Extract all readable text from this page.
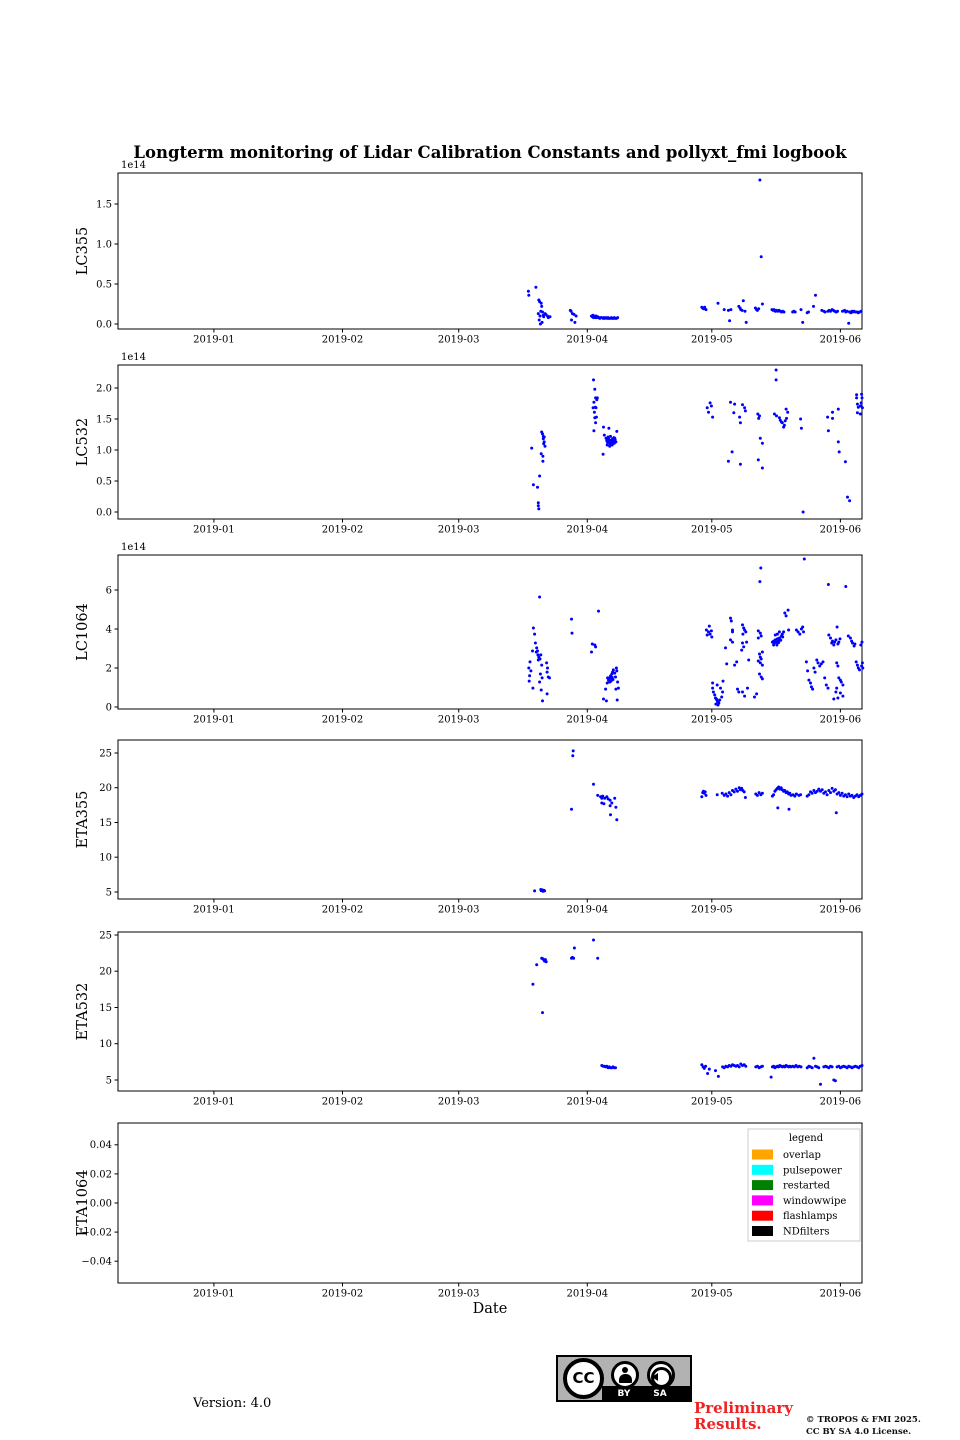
Longterm monitoring of Lidar Calibration Constants and pollyxt_fmi logbook
2019-01	2019-02	2019-03	2019-04	2019-05	2019-06
0.0
0.5
1.0
1.5
1e14
LC355
2019-01	2019-02	2019-03	2019-04	2019-05	2019-06
0.0
0.5
1.0
1.5
2.0
1e14
LC532
2019-01	2019-02	2019-03	2019-04	2019-05	2019-06
0
2
4
6
1e14
LC1064
2019-01	2019-02	2019-03	2019-04	2019-05	2019-06
5
10
15
20
25
ETA355
2019-01	2019-02	2019-03	2019-04	2019-05	2019-06
5
10
15
20
25
ETA532
2019-01	2019-02	2019-03	2019-04	2019-05	2019-06
−0.04
−0.02
0.00
0.02
0.04
ETA1064
legend
overlap
pulsepower
restarted
windowwipe
flashlamps
NDfilters
Date
Version: 4.0
BY	SA
CC
Preliminary
Results.	© TROPOS & FMI 2025.
CC BY SA 4.0 License.
